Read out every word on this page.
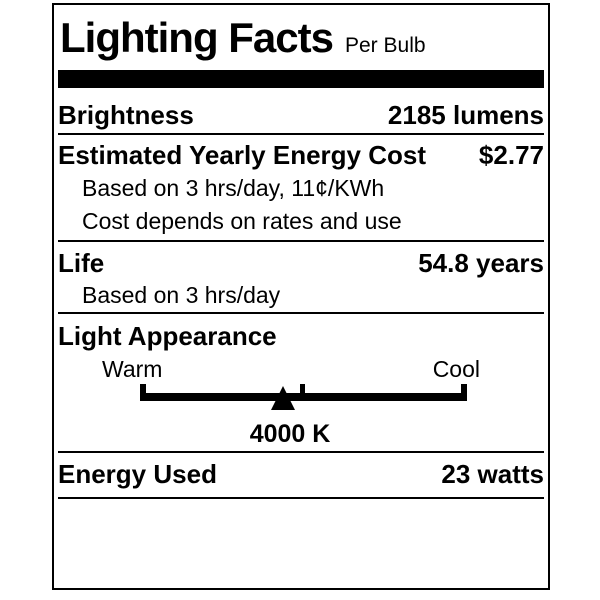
Lighting Facts Per Bulb
Brightness	2185 lumens
Estimated Yearly Energy Cost $2.77
Based on 3 hrs/day, 11¢/KWh
Cost depends on rates and use
Life	54.8 years
Based on 3 hrs/day
Light Appearance
Warm	Cool
4000 K
Energy Used	23 watts
